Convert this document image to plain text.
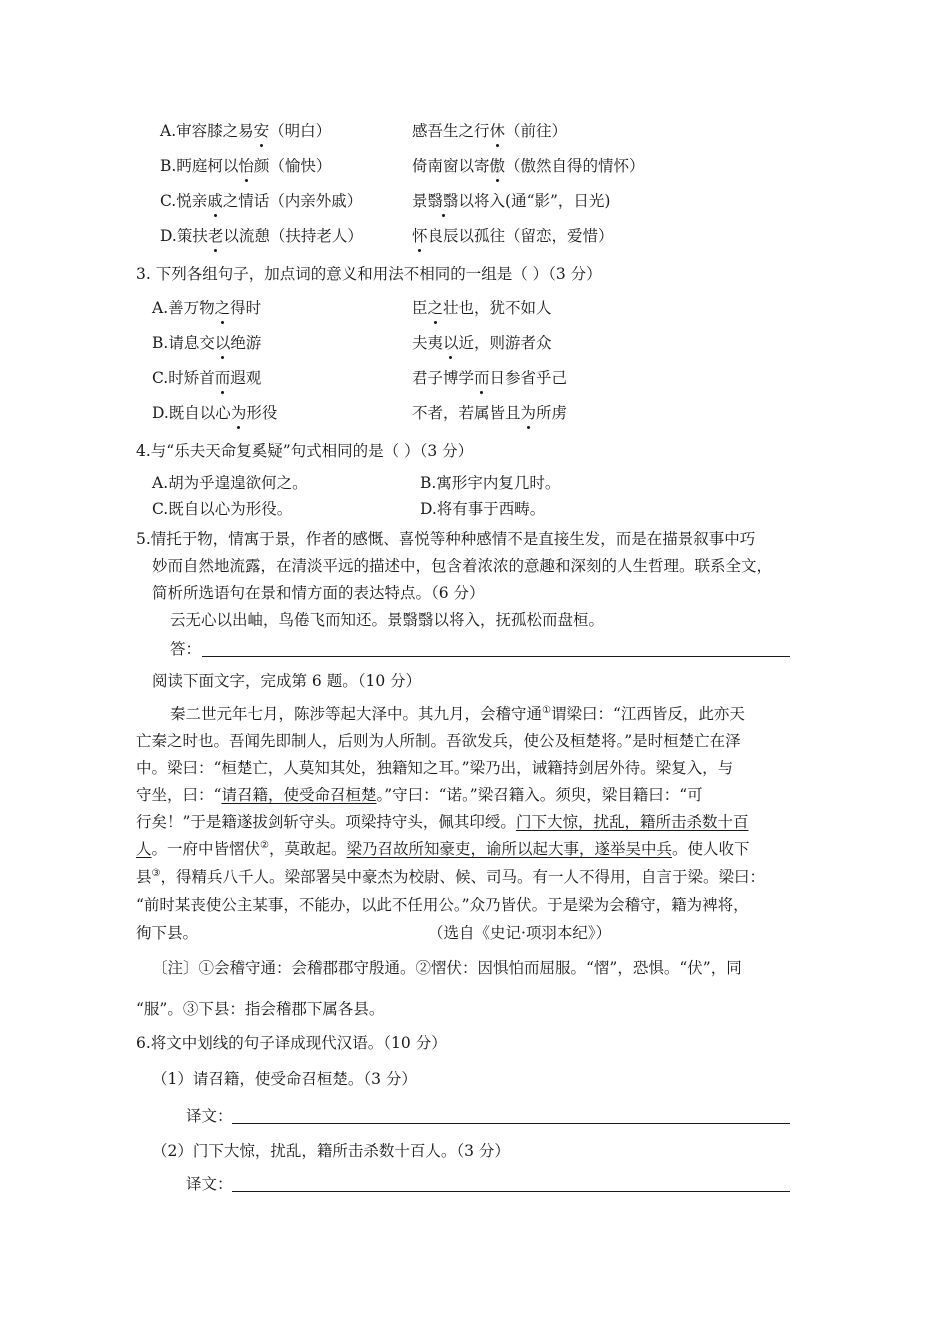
A.审容膝之易安（明白）	感吾生之行休（前往）
B.眄庭柯以怡颜（愉快）	倚南窗以寄傲（傲然自得的情怀）
C.悦亲戚之情话（内亲外戚）	景翳翳以将入(通“影”，日光)
D.策扶老以流憩（扶持老人）	怀良辰以孤往（留恋，爱惜）
3. 下列各组句子，加点词的意义和用法不相同的一组是（ ）（3 分）
A.善万物之得时	臣之壮也，犹不如人
B.请息交以绝游	夫夷以近，则游者众
C.时矫首而遐观	君子博学而日参省乎己
D.既自以心为形役	不者，若属皆且为所虏
4.与“乐夫天命复奚疑”句式相同的是（ ）（3 分）
A.胡为乎遑遑欲何之。	B.寓形宇内复几时。
C.既自以心为形役。	D.将有事于西畴。
5.情托于物，情寓于景，作者的感慨、喜悦等种种感情不是直接生发，而是在描景叙事中巧
妙而自然地流露，在清淡平远的描述中，包含着浓浓的意趣和深刻的人生哲理。联系全文，
简析所选语句在景和情方面的表达特点。（6 分）
云无心以出岫，鸟倦飞而知还。景翳翳以将入，抚孤松而盘桓。
答：
阅读下面文字，完成第 6 题。（10 分）
秦二世元年七月，陈涉等起大泽中。其九月，会稽守通①谓梁曰：“江西皆反，此亦天
亡秦之时也。吾闻先即制人，后则为人所制。吾欲发兵，使公及桓楚将。”是时桓楚亡在泽
中。梁曰：“桓楚亡，人莫知其处，独籍知之耳。”梁乃出，诫籍持剑居外待。梁复入，与
守坐，曰：“请召籍，使受命召桓楚。”守曰：“诺。”梁召籍入。须臾，梁目籍曰：“可
行矣！”于是籍遂拔剑斩守头。项梁持守头，佩其印绶。门下大惊，扰乱，籍所击杀数十百
人。一府中皆慴伏②，莫敢起。梁乃召故所知豪吏，谕所以起大事，遂举吴中兵。使人收下
县③，得精兵八千人。梁部署吴中豪杰为校尉、候、司马。有一人不得用，自言于梁。梁曰：
“前时某丧使公主某事，不能办，以此不任用公。”众乃皆伏。于是梁为会稽守，籍为裨将，
徇下县。	（选自《史记·项羽本纪》）
〔注〕①会稽守通：会稽郡郡守殷通。②慴伏：因惧怕而屈服。“慴”，恐惧。“伏”，同
“服”。③下县：指会稽郡下属各县。
6.将文中划线的句子译成现代汉语。（10 分）
（1）请召籍，使受命召桓楚。（3 分）
译文：
（2）门下大惊，扰乱，籍所击杀数十百人。（3 分）
译文：
